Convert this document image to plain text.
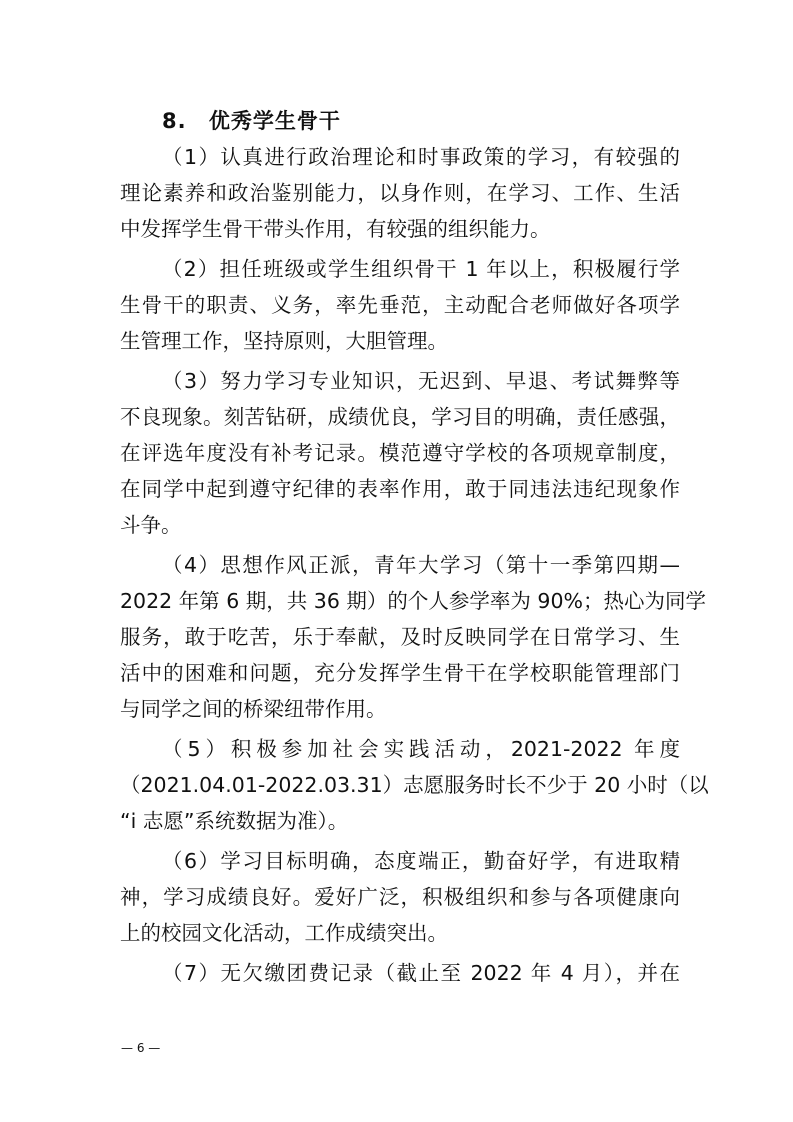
8. 优秀学生骨干
（1）认真进行政治理论和时事政策的学习，有较强的
理论素养和政治鉴别能力，以身作则，在学习、工作、生活
中发挥学生骨干带头作用，有较强的组织能力。
（2）担任班级或学生组织骨干 1 年以上，积极履行学
生骨干的职责、义务，率先垂范，主动配合老师做好各项学
生管理工作，坚持原则，大胆管理。
（3）努力学习专业知识，无迟到、早退、考试舞弊等
不良现象。刻苦钻研，成绩优良，学习目的明确，责任感强，
在评选年度没有补考记录。模范遵守学校的各项规章制度，
在同学中起到遵守纪律的表率作用，敢于同违法违纪现象作
斗争。
（4）思想作风正派，青年大学习（第十一季第四期—
2022 年第 6 期，共 36 期）的个人参学率为 90%；热心为同学
服务，敢于吃苦，乐于奉献，及时反映同学在日常学习、生
活中的困难和问题，充分发挥学生骨干在学校职能管理部门
与同学之间的桥梁纽带作用。
（5）积极参加社会实践活动，2021-2022 年度
（2021.04.01-2022.03.31）志愿服务时长不少于 20 小时（以
“i 志愿”系统数据为准）。
（6）学习目标明确，态度端正，勤奋好学，有进取精
神，学习成绩良好。爱好广泛，积极组织和参与各项健康向
上的校园文化活动，工作成绩突出。
（7）无欠缴团费记录（截止至 2022 年 4 月），并在
— 6 —
